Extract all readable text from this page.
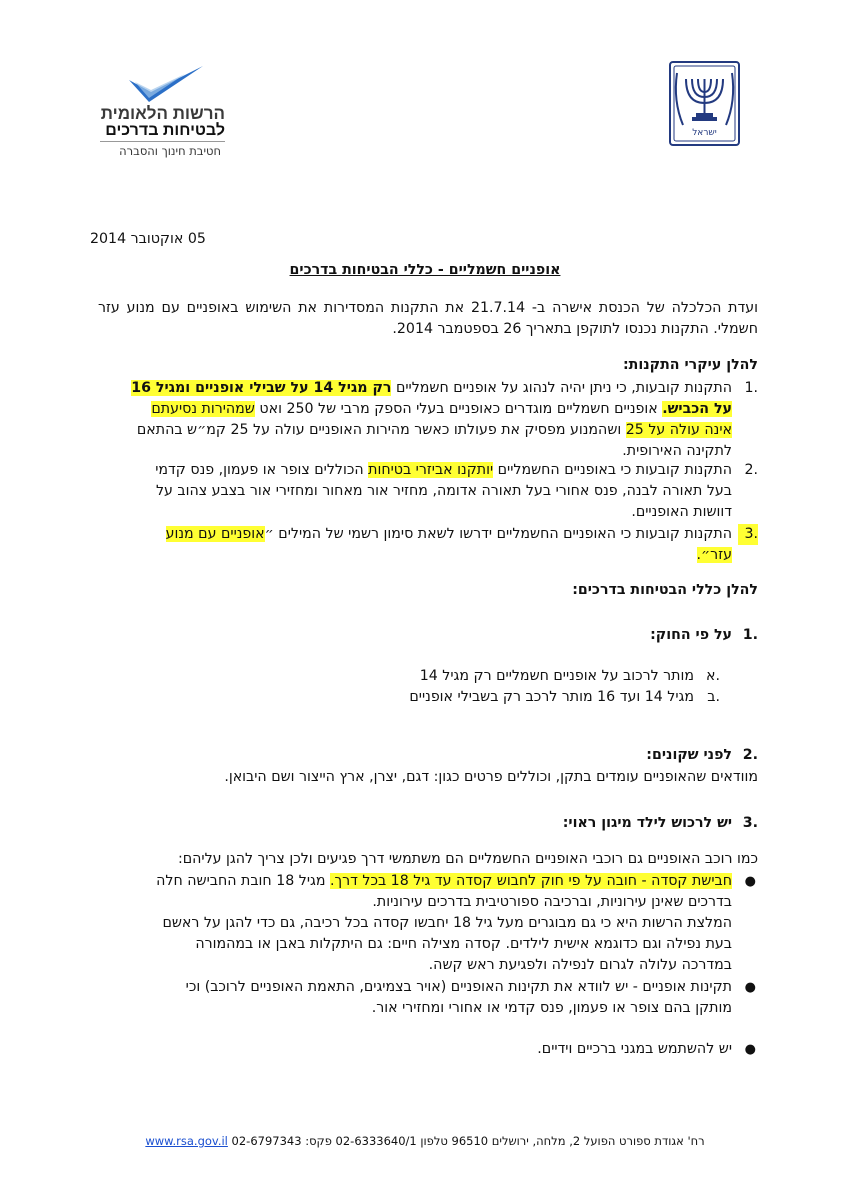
ישראל
הרשות הלאומית
לבטיחות בדרכים
חטיבת חינוך והסברה
05 אוקטובר 2014
אופניים חשמליים - כללי הבטיחות בדרכים
ועדת הכלכלה של הכנסת אישרה ב- 21.7.14 את התקנות המסדירות את השימוש באופניים עם מנוע עזר
חשמלי. התקנות נכנסו לתוקפן בתאריך 26 בספטמבר 2014.
להלן עיקרי התקנות:
1.
התקנות קובעות, כי ניתן יהיה לנהוג על אופניים חשמליים רק מגיל 14 על שבילי אופניים ומגיל 16
על הכביש. אופניים חשמליים מוגדרים כאופניים בעלי הספק מרבי של 250 ואט שמהירות נסיעתם
אינה עולה על 25 ושהמנוע מפסיק את פעולתו כאשר מהירות האופניים עולה על 25 קמ״ש בהתאם
לתקינה האירופית.
2.
התקנות קובעות כי באופניים החשמליים יותקנו אביזרי בטיחות הכוללים צופר או פעמון, פנס קדמי
בעל תאורה לבנה, פנס אחורי בעל תאורה אדומה, מחזיר אור מאחור ומחזירי אור בצבע צהוב על
דוושות האופניים.
3.
התקנות קובעות כי האופניים החשמליים ידרשו לשאת סימון רשמי של המילים ״אופניים עם מנוע
עזר״.
להלן כללי הבטיחות בדרכים:
1.
על פי החוק:
א.
מותר לרכוב על אופניים חשמליים רק מגיל 14
ב.
מגיל 14 ועד 16 מותר לרכב רק בשבילי אופניים
2.
לפני שקונים:
מוודאים שהאופניים עומדים בתקן, וכוללים פרטים כגון: דגם, יצרן, ארץ הייצור ושם היבואן.
3.
יש לרכוש לילד מיגון ראוי:
כמו רוכב האופניים גם רוכבי האופניים החשמליים הם משתמשי דרך פגיעים ולכן צריך להגן עליהם:
●
חבישת קסדה - חובה על פי חוק לחבוש קסדה עד גיל 18 בכל דרך. מגיל 18 חובת החבישה חלה
בדרכים שאינן עירוניות, וברכיבה ספורטיבית בדרכים עירוניות.
המלצת הרשות היא כי גם מבוגרים מעל גיל 18 יחבשו קסדה בכל רכיבה, גם כדי להגן על ראשם
בעת נפילה וגם כדוגמא אישית לילדים. קסדה מצילה חיים: גם היתקלות באבן או במהמורה
במדרכה עלולה לגרום לנפילה ולפגיעת ראש קשה.
●
תקינות אופניים - יש לוודא את תקינות האופניים (אויר בצמיגים, התאמת האופניים לרוכב) וכי
מותקן בהם צופר או פעמון, פנס קדמי או אחורי ומחזירי אור.
●
יש להשתמש במגני ברכיים וידיים.
רח' אגודת ספורט הפועל 2, מלחה, ירושלים 96510 טלפון 02-6333640/1 פקס: 02-6797343 www.rsa.gov.il
